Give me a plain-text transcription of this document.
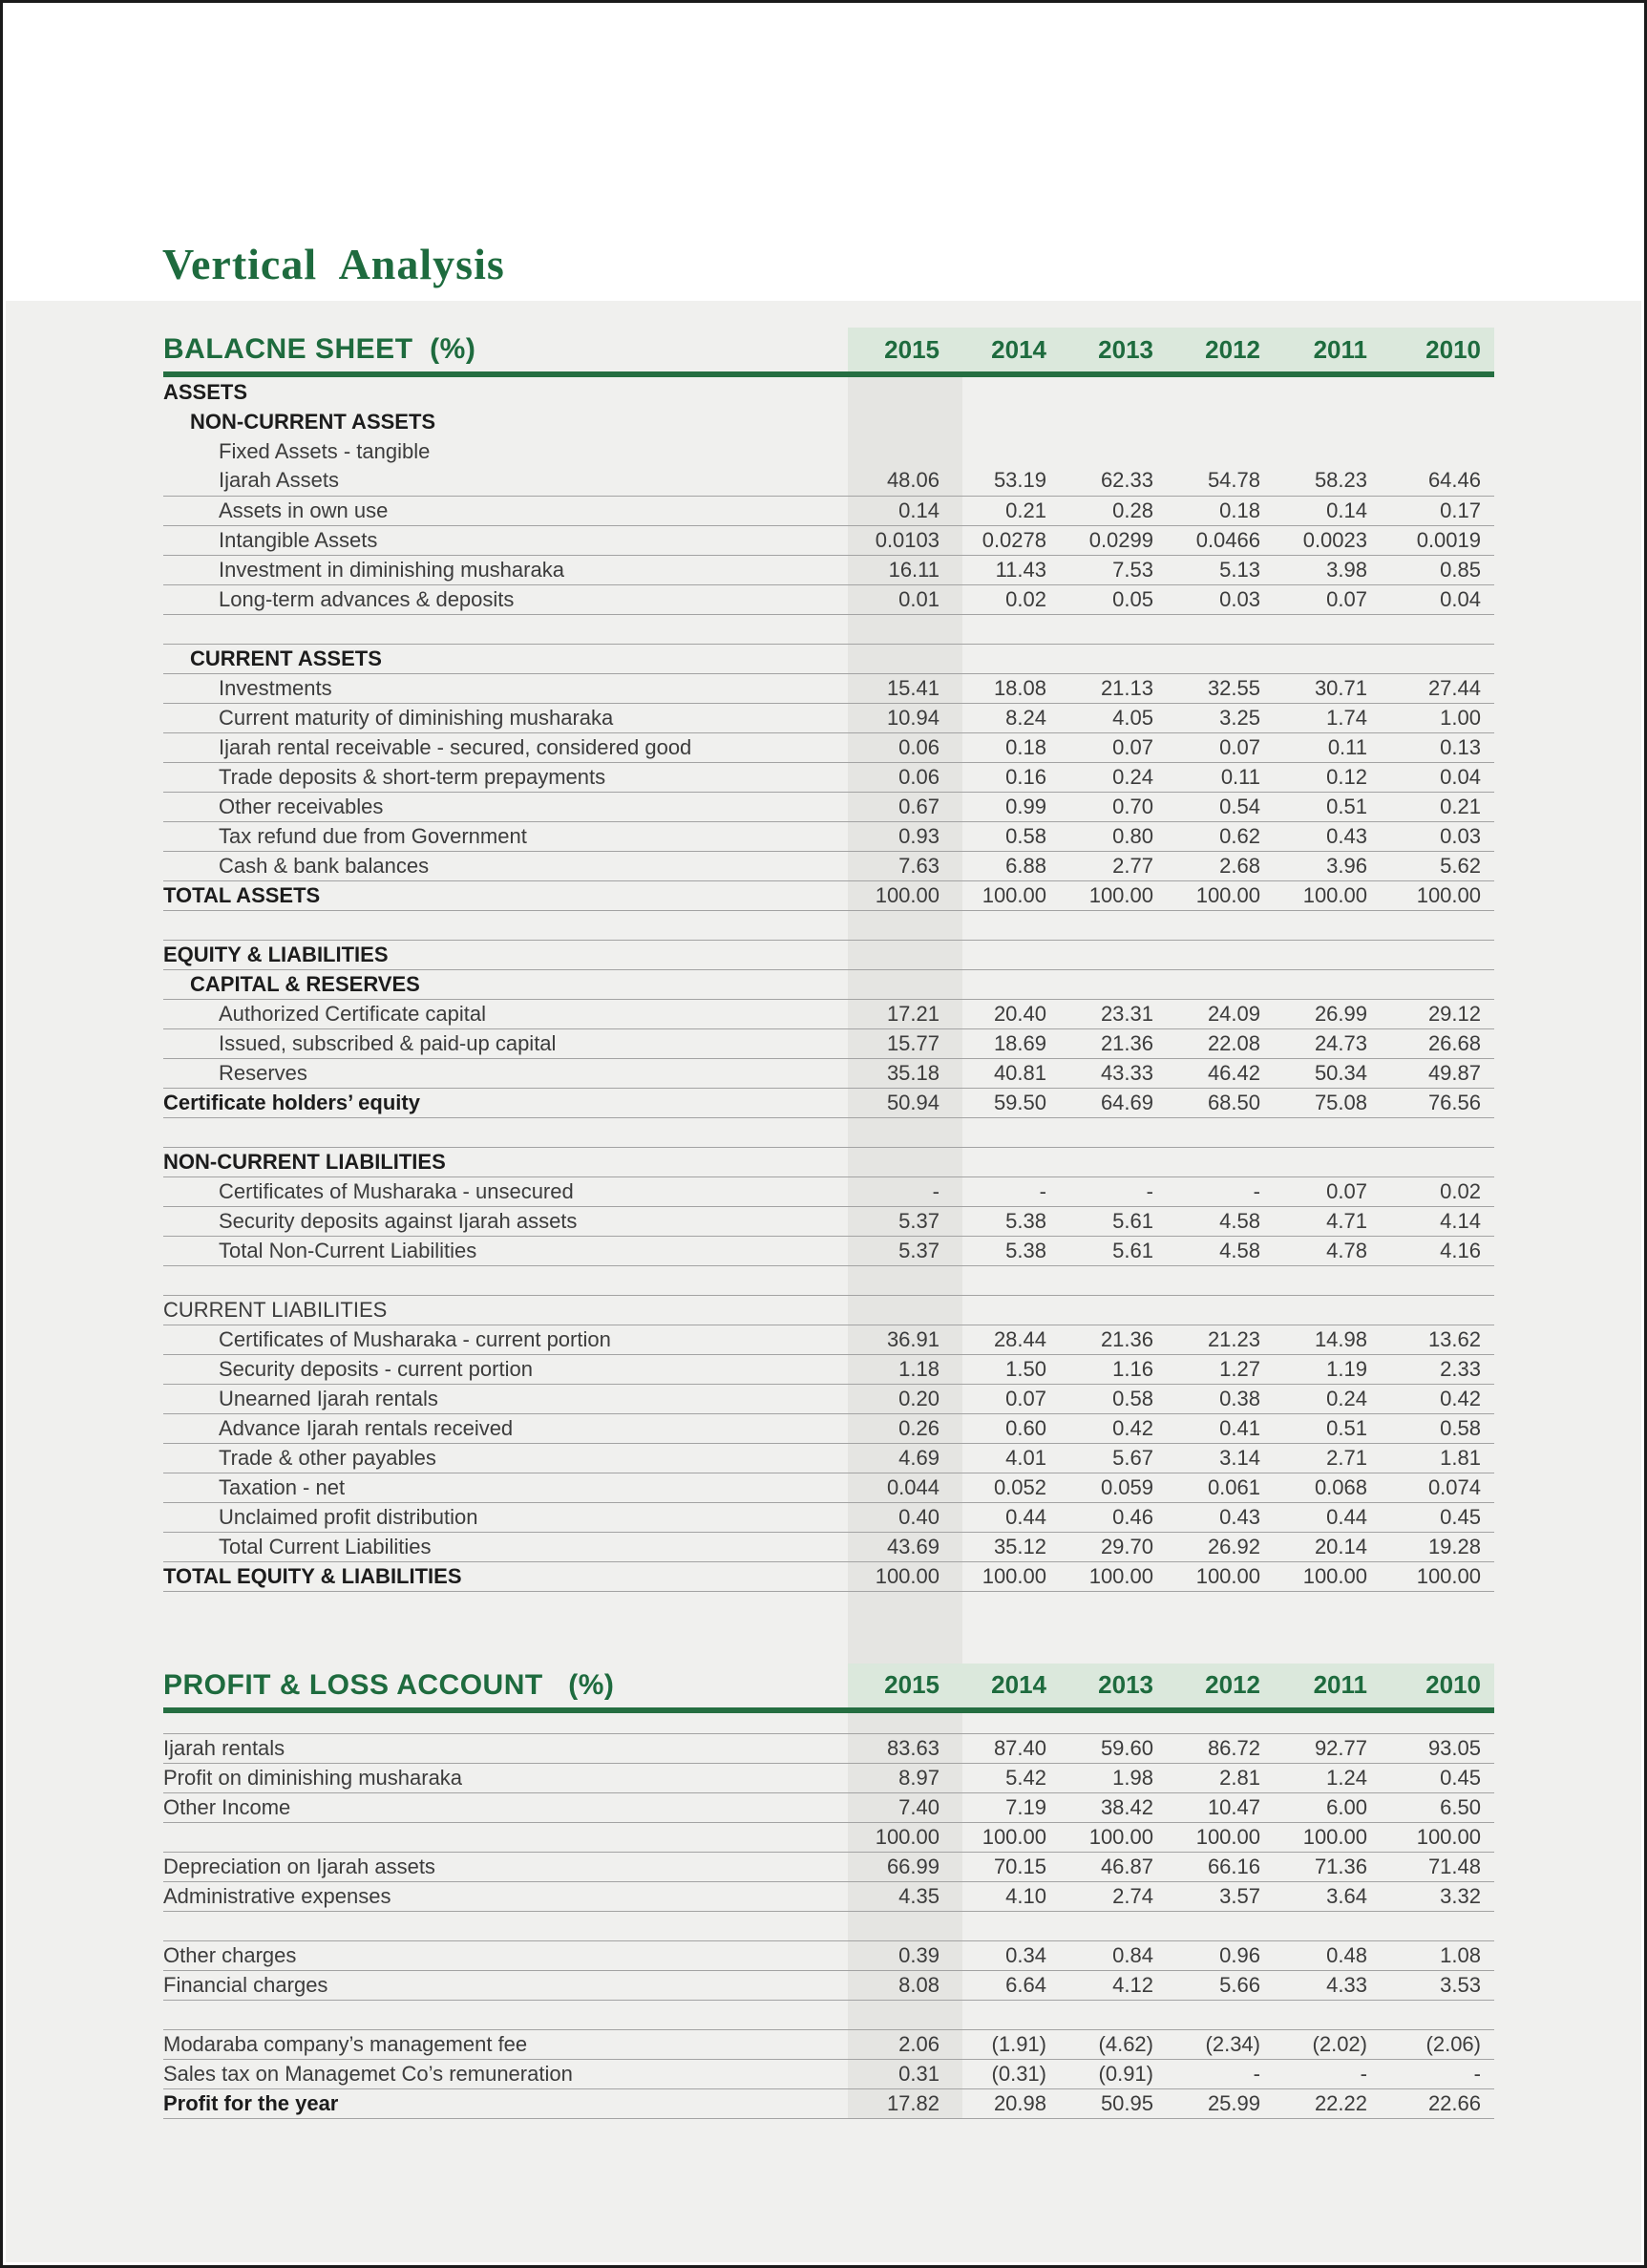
Vertical  Analysis
BALACNE SHEET  (%)	2015	2014	2013	2012	2011	2010
ASSETS						
NON-CURRENT ASSETS						
Fixed Assets - tangible						
Ijarah Assets	48.06	53.19	62.33	54.78	58.23	64.46
Assets in own use	0.14	0.21	0.28	0.18	0.14	0.17
Intangible Assets	0.0103	0.0278	0.0299	0.0466	0.0023	0.0019
Investment in diminishing musharaka	16.11	11.43	7.53	5.13	3.98	0.85
Long-term advances & deposits	0.01	0.02	0.05	0.03	0.07	0.04

CURRENT ASSETS						
Investments	15.41	18.08	21.13	32.55	30.71	27.44
Current maturity of diminishing musharaka	10.94	8.24	4.05	3.25	1.74	1.00
Ijarah rental receivable - secured, considered good	0.06	0.18	0.07	0.07	0.11	0.13
Trade deposits & short-term prepayments	0.06	0.16	0.24	0.11	0.12	0.04
Other receivables	0.67	0.99	0.70	0.54	0.51	0.21
Tax refund due from Government	0.93	0.58	0.80	0.62	0.43	0.03
Cash & bank balances	7.63	6.88	2.77	2.68	3.96	5.62
TOTAL ASSETS	100.00	100.00	100.00	100.00	100.00	100.00

EQUITY & LIABILITIES						
CAPITAL & RESERVES						
Authorized Certificate capital	17.21	20.40	23.31	24.09	26.99	29.12
Issued, subscribed & paid-up capital	15.77	18.69	21.36	22.08	24.73	26.68
Reserves	35.18	40.81	43.33	46.42	50.34	49.87
Certificate holders’ equity	50.94	59.50	64.69	68.50	75.08	76.56

NON-CURRENT LIABILITIES						
Certificates of Musharaka - unsecured	-	-	-	-	0.07	0.02
Security deposits against Ijarah assets	5.37	5.38	5.61	4.58	4.71	4.14
Total Non-Current Liabilities	5.37	5.38	5.61	4.58	4.78	4.16

CURRENT LIABILITIES						
Certificates of Musharaka - current portion	36.91	28.44	21.36	21.23	14.98	13.62
Security deposits - current portion	1.18	1.50	1.16	1.27	1.19	2.33
Unearned Ijarah rentals	0.20	0.07	0.58	0.38	0.24	0.42
Advance Ijarah rentals received	0.26	0.60	0.42	0.41	0.51	0.58
Trade & other payables	4.69	4.01	5.67	3.14	2.71	1.81
Taxation - net	0.044	0.052	0.059	0.061	0.068	0.074
Unclaimed profit distribution	0.40	0.44	0.46	0.43	0.44	0.45
Total Current Liabilities	43.69	35.12	29.70	26.92	20.14	19.28
TOTAL EQUITY & LIABILITIES	100.00	100.00	100.00	100.00	100.00	100.00
PROFIT & LOSS ACCOUNT   (%)	2015	2014	2013	2012	2011	2010

Ijarah rentals	83.63	87.40	59.60	86.72	92.77	93.05
Profit on diminishing musharaka	8.97	5.42	1.98	2.81	1.24	0.45
Other Income	7.40	7.19	38.42	10.47	6.00	6.50
	100.00	100.00	100.00	100.00	100.00	100.00
Depreciation on Ijarah assets	66.99	70.15	46.87	66.16	71.36	71.48
Administrative expenses	4.35	4.10	2.74	3.57	3.64	3.32

Other charges	0.39	0.34	0.84	0.96	0.48	1.08
Financial charges	8.08	6.64	4.12	5.66	4.33	3.53

Modaraba company’s management fee	2.06	(1.91)	(4.62)	(2.34)	(2.02)	(2.06)
Sales tax on Managemet Co’s remuneration	0.31	(0.31)	(0.91)	-	-	-
Profit for the year	17.82	20.98	50.95	25.99	22.22	22.66
